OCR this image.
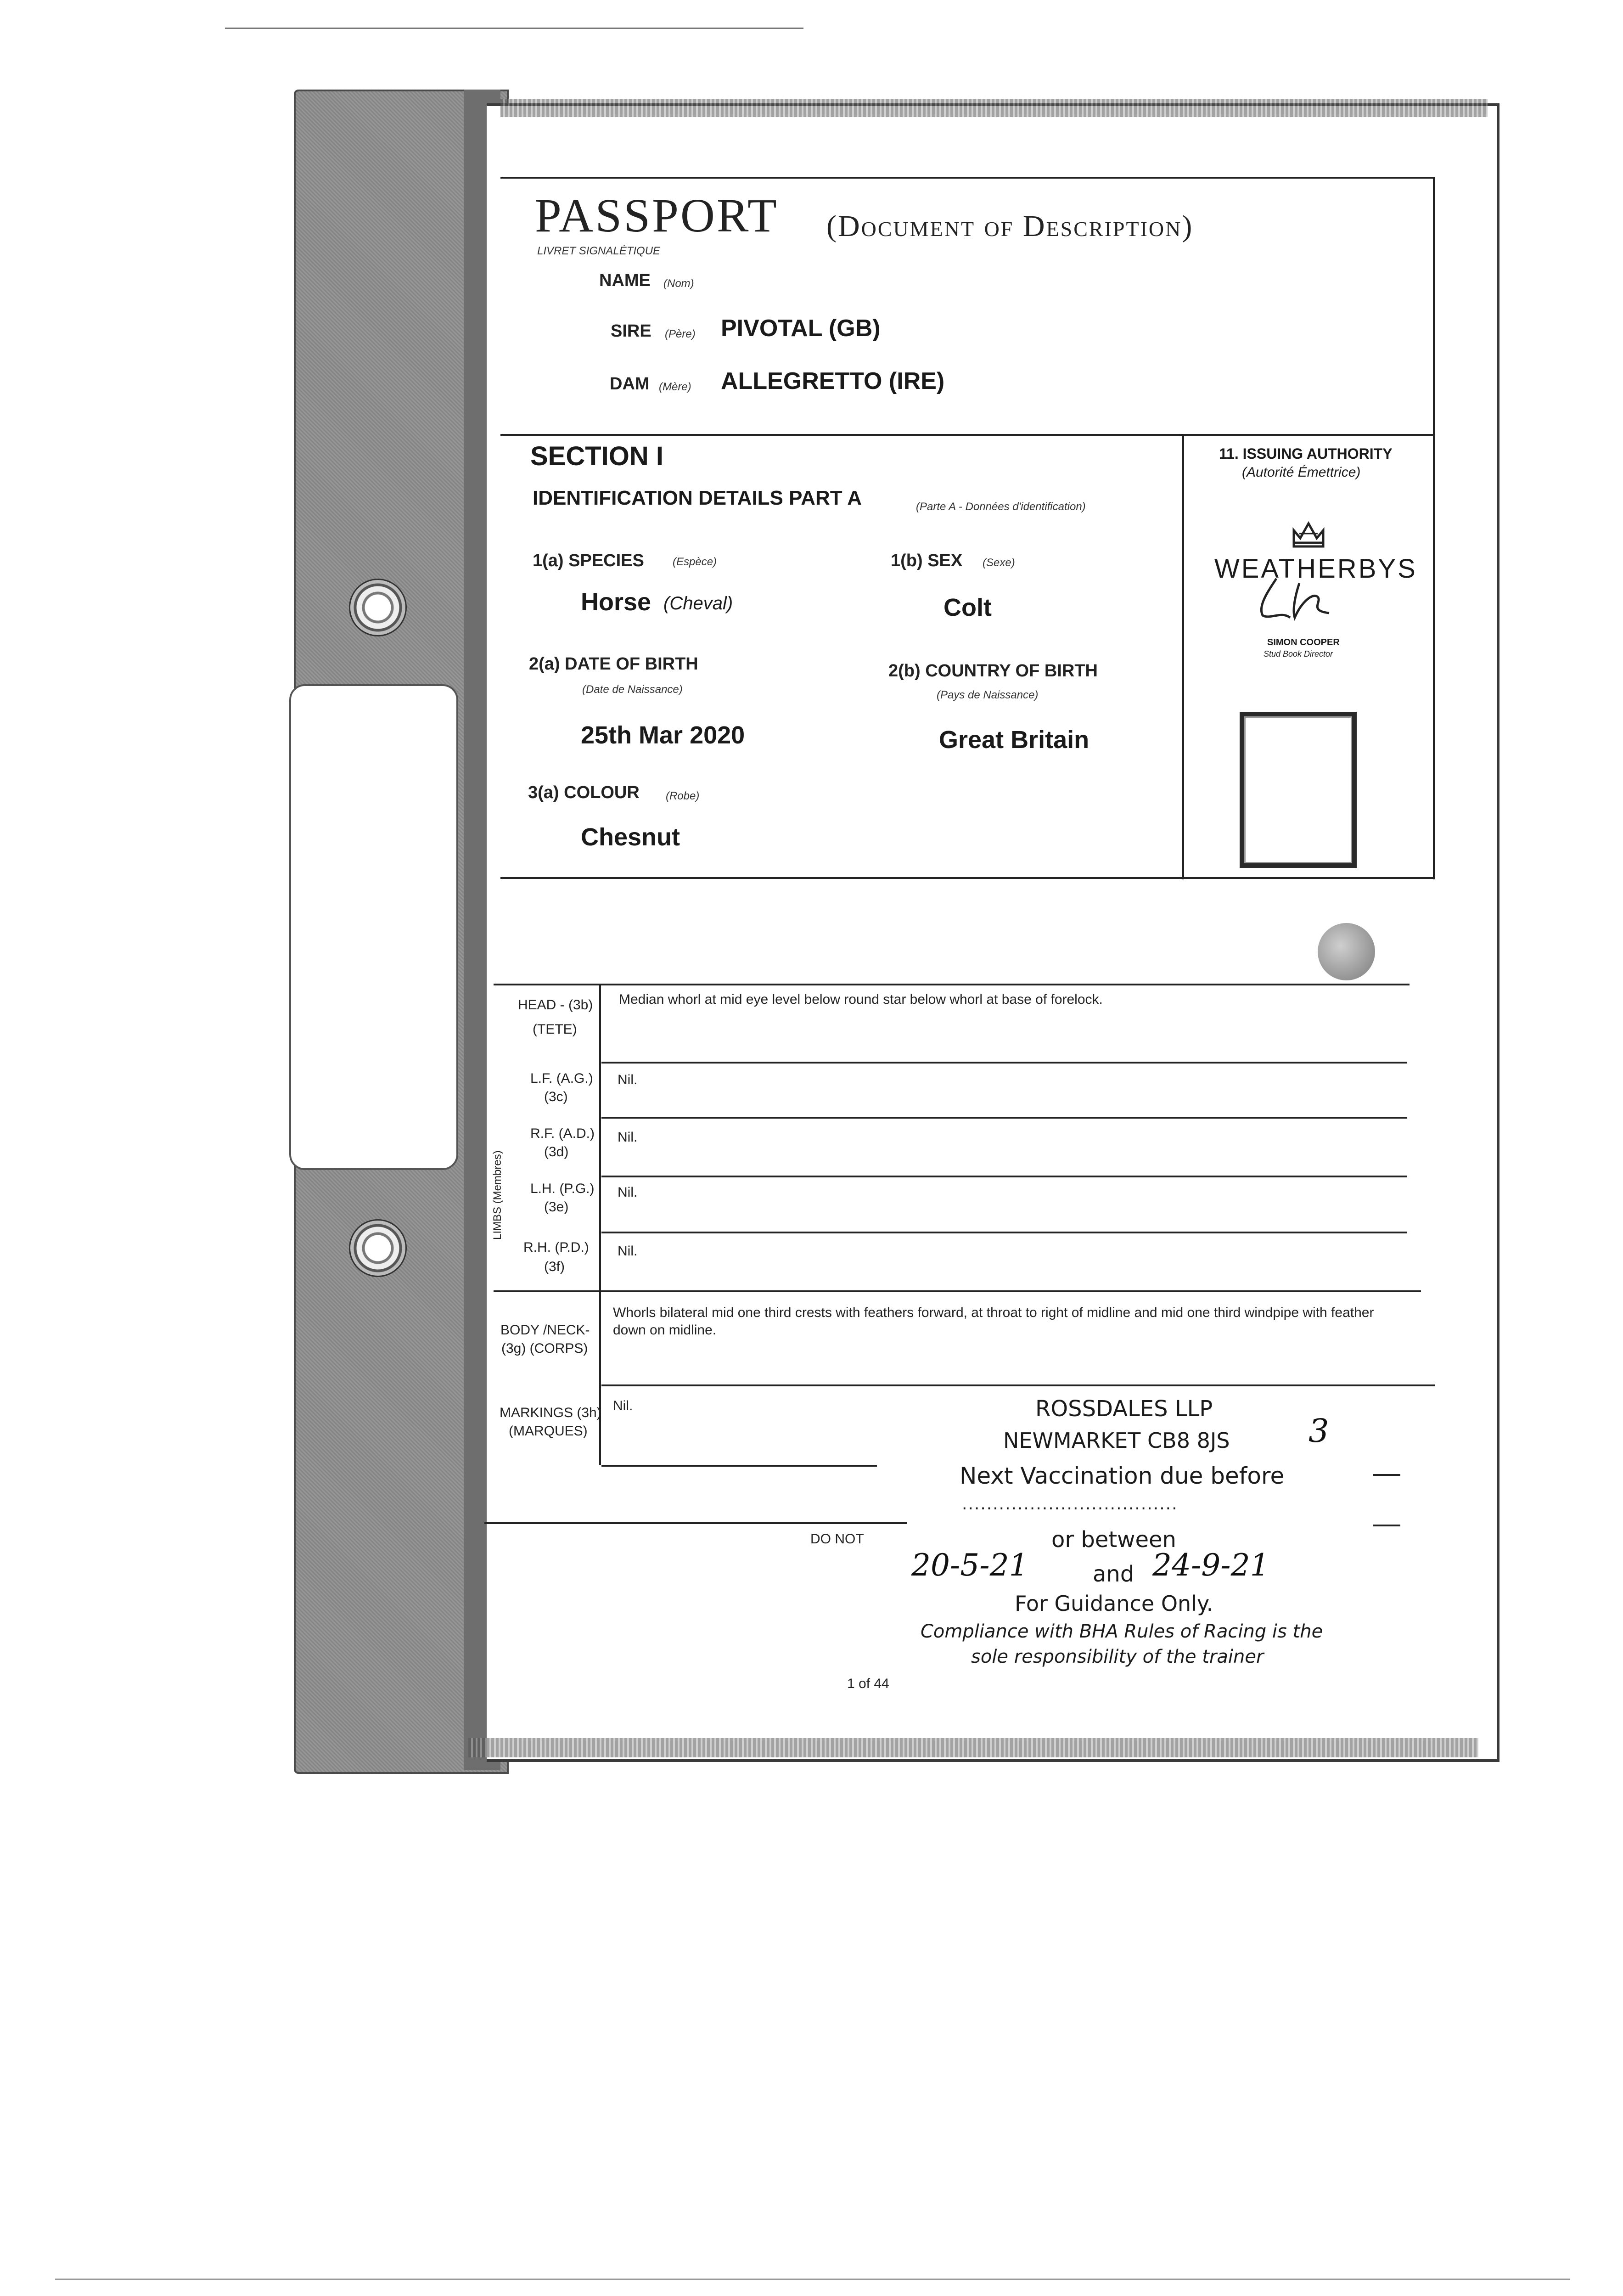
PASSPORT (Document of Description)
LIVRET SIGNALÉTIQUE
NAME (Nom)
SIRE (Père) PIVOTAL (GB)
DAM (Mère) ALLEGRETTO (IRE)
SECTION I
IDENTIFICATION DETAILS PART A	(Parte A - Données d'identification)
1(a) SPECIES	(Espèce)
Horse (Cheval)
1(b) SEX (Sexe)
Colt
2(a) DATE OF BIRTH
(Date de Naissance)
25th Mar 2020
2(b) COUNTRY OF BIRTH
(Pays de Naissance)
Great Britain
3(a) COLOUR (Robe)
Chesnut
11. ISSUING AUTHORITY
(Autorité Émettrice)
WEATHERBYS
SIMON COOPER
Stud Book Director
HEAD - (3b)
(TETE)
Median whorl at mid eye level below round star below whorl at base of forelock.
LIMBS (Membres)
L.F. (A.G.)
(3c)
Nil.
R.F. (A.D.)
(3d)
Nil.
L.H. (P.G.)
(3e)
Nil.
R.H. (P.D.)
(3f)
Nil.
BODY /NECK-
(3g) (CORPS)
Whorls bilateral mid one third crests with feathers forward, at throat to right of midline and mid one third windpipe with feather down on midline.
MARKINGS (3h)
(MARQUES)
Nil.
DO NOT
1 of 44
ROSSDALES LLP
NEWMARKET CB8 8JS
Next Vaccination due before
...................................
or between
20-5-21	and 24-9-21
For Guidance Only.
Compliance with BHA Rules of Racing is the
sole responsibility of the trainer
3
